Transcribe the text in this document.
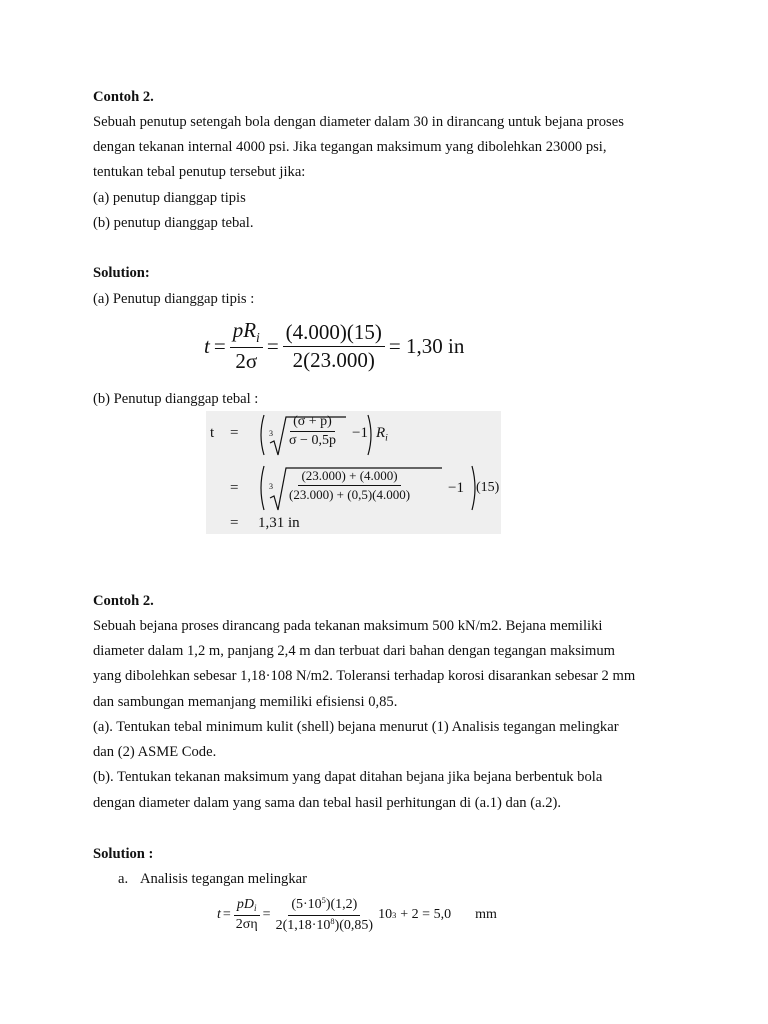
Contoh 2.
Sebuah penutup setengah bola dengan diameter dalam 30 in dirancang untuk bejana proses
dengan tekanan internal 4000 psi. Jika tegangan maksimum yang dibolehkan 23000 psi,
tentukan tebal penutup tersebut jika:
(a) penutup dianggap tipis
(b) penutup dianggap tebal.
Solution:
(a) Penutup dianggap tipis :
$t = \frac{pR_i}{2\sigma} = \frac{(4.000)(15)}{2(23.000)} = 1,30$ in
(b) Penutup dianggap tebal :
t =	$3 \frac{(\sigma + p)}{\sigma - 0,5p} -1$ $R_i$
=	$3 \frac{(23.000) + (4.000)}{(23.000) + (0,5)(4.000)} -1$ (15)
= 1,31 in
Contoh 2.
Sebuah bejana proses dirancang pada tekanan maksimum 500 kN/m2. Bejana memiliki
diameter dalam 1,2 m, panjang 2,4 m dan terbuat dari bahan dengan tegangan maksimum
yang dibolehkan sebesar 1,18·108 N/m2. Toleransi terhadap korosi disarankan sebesar 2 mm
dan sambungan memanjang memiliki efisiensi 0,85.
(a). Tentukan tebal minimum kulit (shell) bejana menurut (1) Analisis tegangan melingkar
dan (2) ASME Code.
(b). Tentukan tekanan maksimum yang dapat ditahan bejana jika bejana berbentuk bola
dengan diameter dalam yang sama dan tebal hasil perhitungan di (a.1) dan (a.2).
Solution :
a. Analisis tegangan melingkar
$t = \frac{pD_i}{2\sigma\eta} = \frac{(5\cdot 10^5)(1,2)}{2(1,18\cdot 10^8)(0,85)} 10$ 3 + 2 = 5,0	mm
